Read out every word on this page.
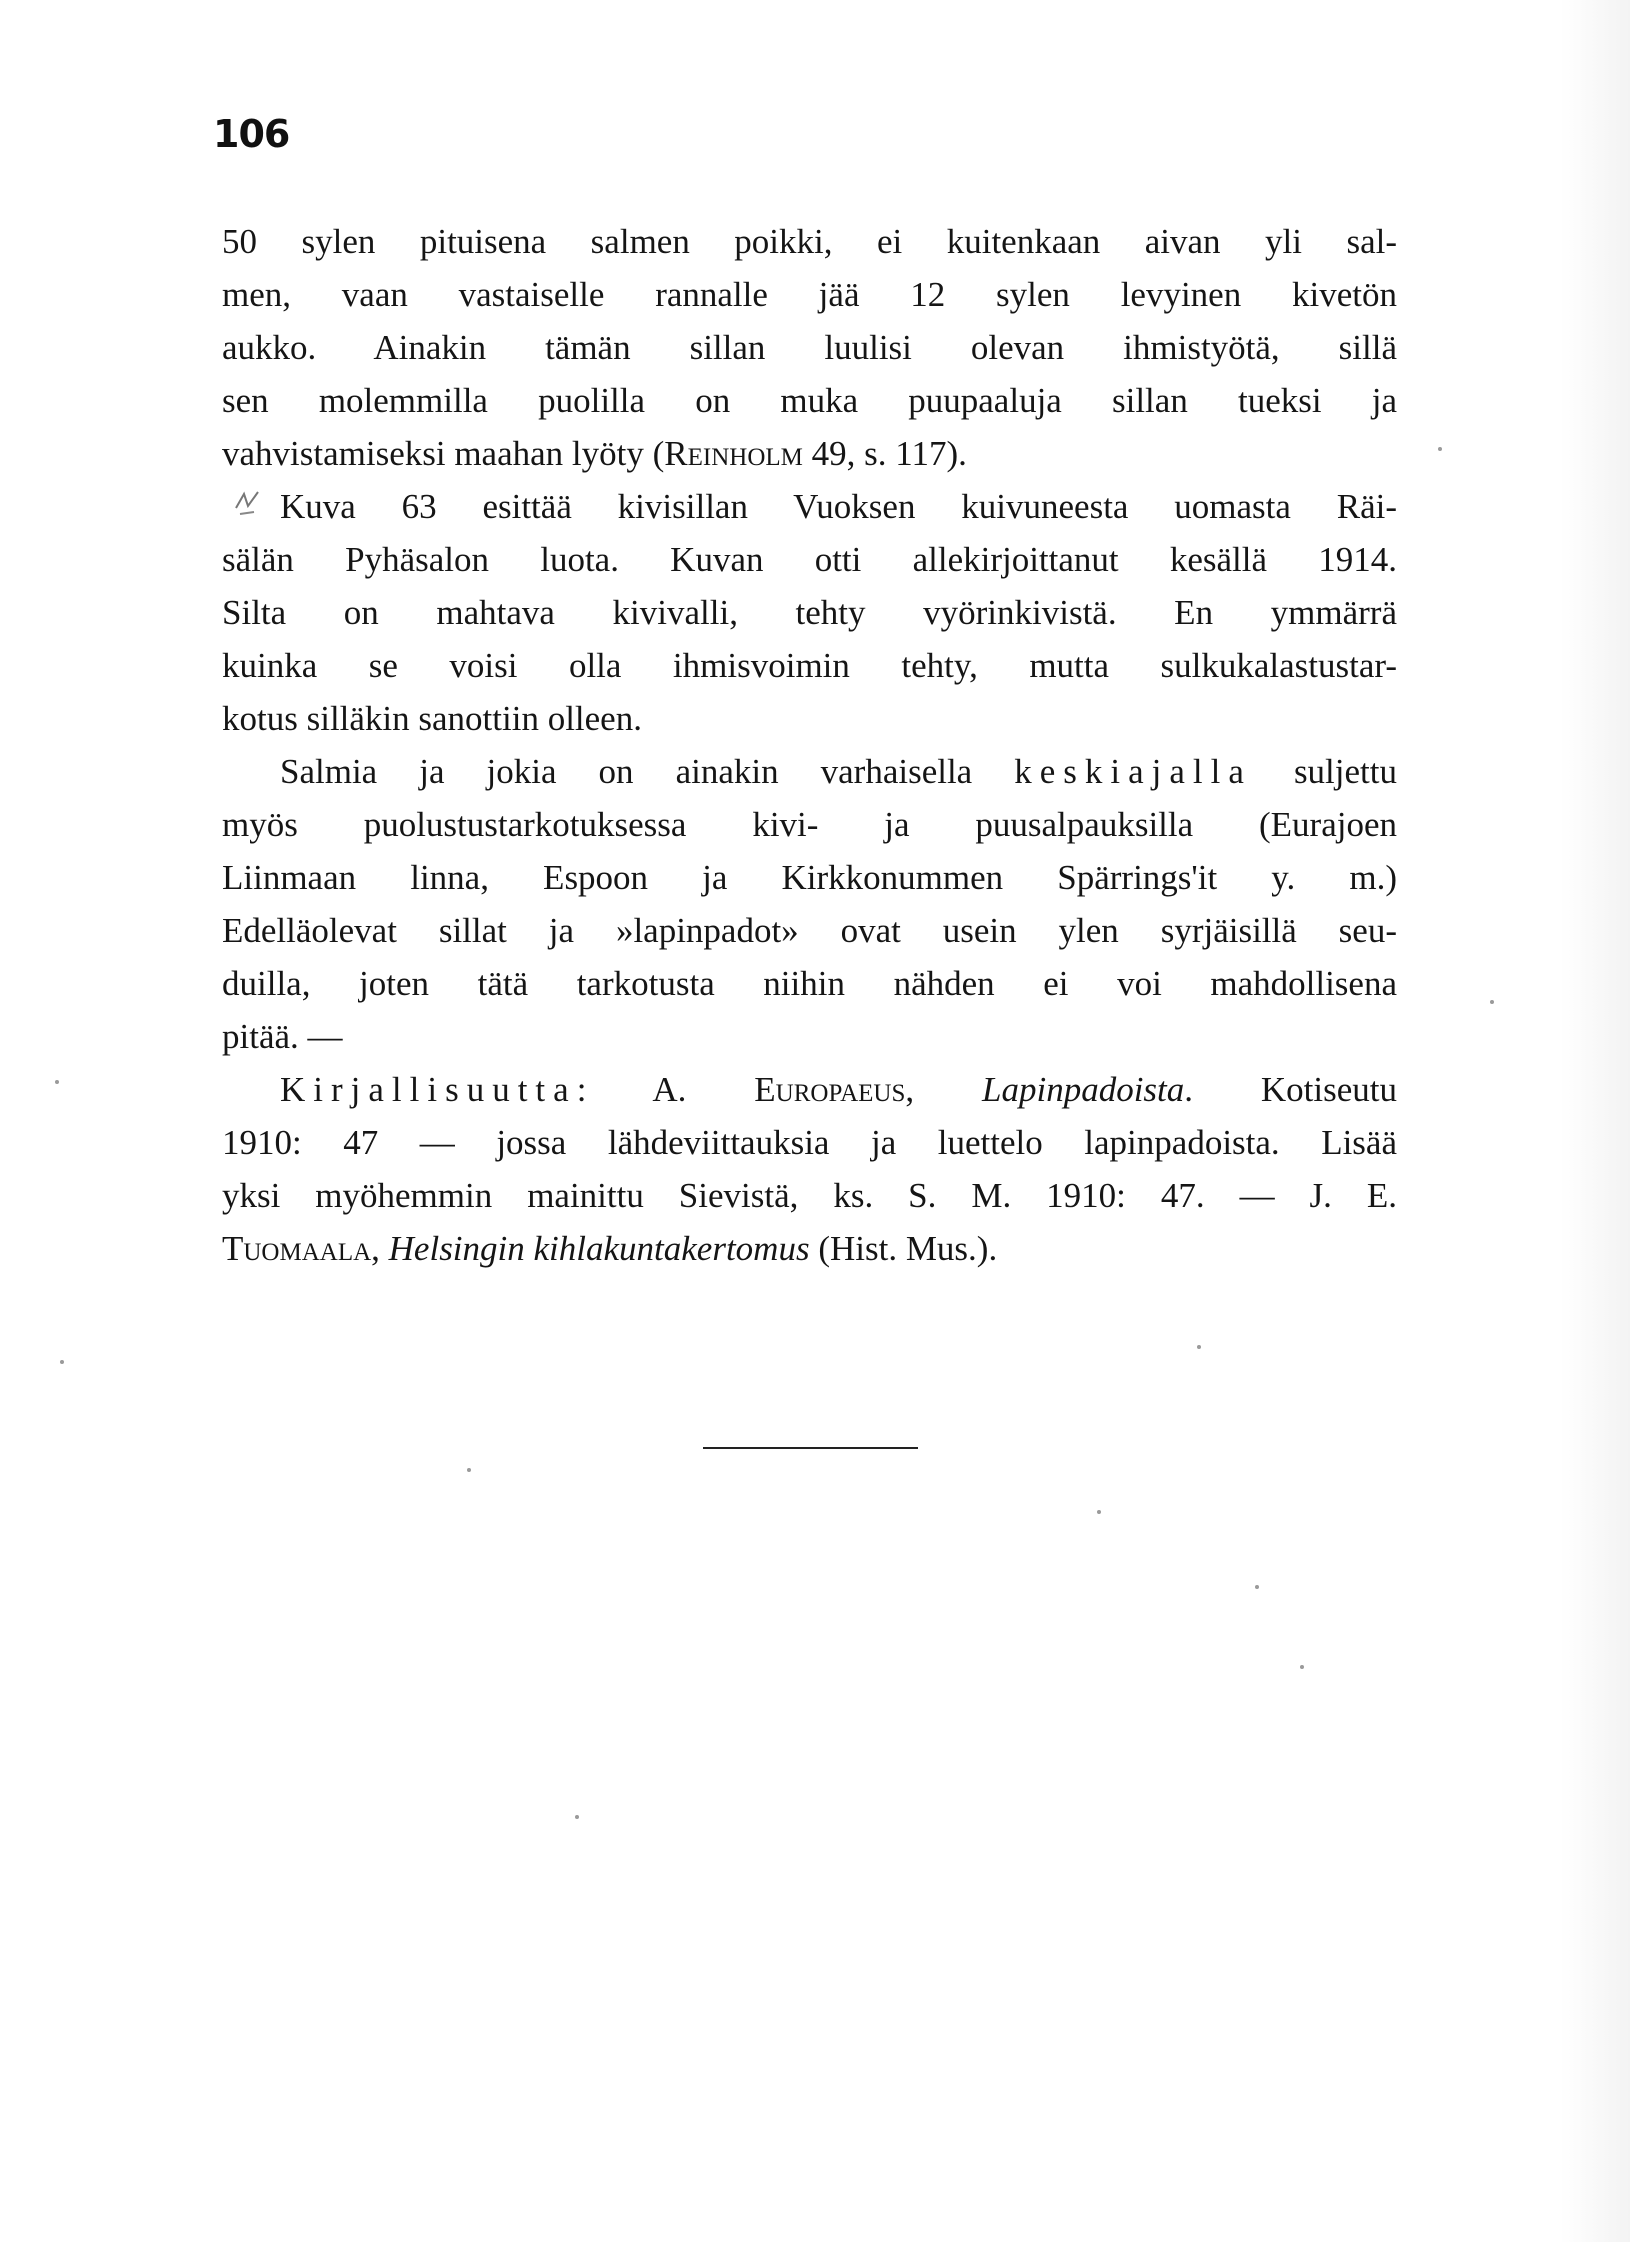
106
50 sylen pituisena salmen poikki, ei kuitenkaan aivan yli sal-
men, vaan vastaiselle rannalle jää 12 sylen levyinen kivetön
aukko. Ainakin tämän sillan luulisi olevan ihmistyötä, sillä
sen molemmilla puolilla on muka puupaaluja sillan tueksi ja
vahvistamiseksi maahan lyöty (Reinholm 49, s. 117).
Kuva 63 esittää kivisillan Vuoksen kuivuneesta uomasta Räi-
sälän Pyhäsalon luota. Kuvan otti allekirjoittanut kesällä 1914.
Silta on mahtava kivivalli, tehty vyörinkivistä. En ymmärrä
kuinka se voisi olla ihmisvoimin tehty, mutta sulkukalastustar-
kotus silläkin sanottiin olleen.
Salmia ja jokia on ainakin varhaisella keskiajalla suljettu
myös puolustustarkotuksessa kivi- ja puusalpauksilla (Eurajoen
Liinmaan linna, Espoon ja Kirkkonummen Spärrings'it y. m.)
Edelläolevat sillat ja »lapinpadot» ovat usein ylen syrjäisillä seu-
duilla, joten tätä tarkotusta niihin nähden ei voi mahdollisena
pitää. —
Kirjallisuutta: A. Europaeus, Lapinpadoista. Kotiseutu
1910: 47 — jossa lähdeviittauksia ja luettelo lapinpadoista. Lisää
yksi myöhemmin mainittu Sievistä, ks. S. M. 1910: 47. — J. E.
Tuomaala, Helsingin kihlakuntakertomus (Hist. Mus.).
